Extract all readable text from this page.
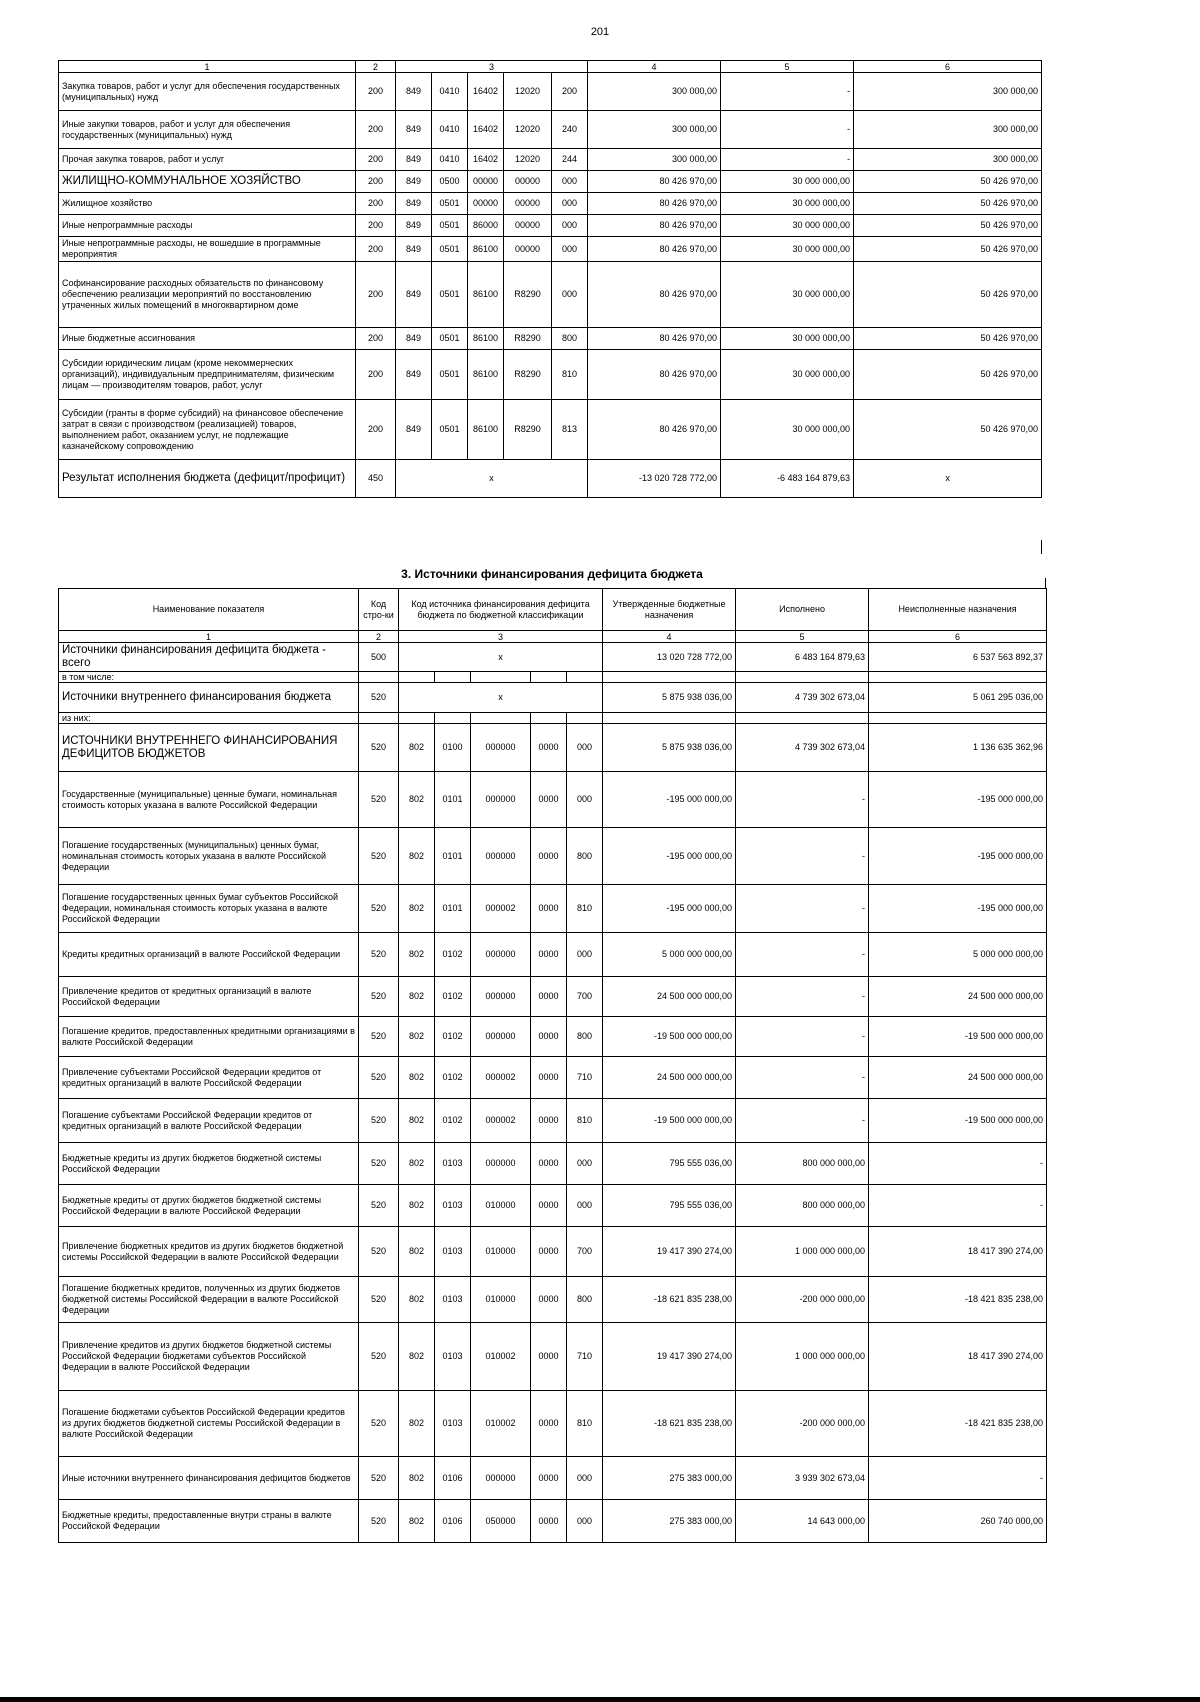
201
1	2	3					4	5	6
Закупка товаров, работ и услуг для обеспечения государственных (муниципальных) нужд	200	849	0410	16402	12020	200	300 000,00	-	300 000,00
Иные закупки товаров, работ и услуг для обеспечения государственных (муниципальных) нужд	200	849	0410	16402	12020	240	300 000,00	-	300 000,00
Прочая закупка товаров, работ и услуг	200	849	0410	16402	12020	244	300 000,00	-	300 000,00
ЖИЛИЩНО-КОММУНАЛЬНОЕ ХОЗЯЙСТВО	200	849	0500	00000	00000	000	80 426 970,00	30 000 000,00	50 426 970,00
Жилищное хозяйство	200	849	0501	00000	00000	000	80 426 970,00	30 000 000,00	50 426 970,00
Иные непрограммные расходы	200	849	0501	86000	00000	000	80 426 970,00	30 000 000,00	50 426 970,00
Иные непрограммные расходы, не вошедшие в программные мероприятия	200	849	0501	86100	00000	000	80 426 970,00	30 000 000,00	50 426 970,00
Софинансирование расходных обязательств по финансовому обеспечению реализации мероприятий по восстановлению утраченных жилых помещений в многоквартирном доме	200	849	0501	86100	R8290	000	80 426 970,00	30 000 000,00	50 426 970,00
Иные бюджетные ассигнования	200	849	0501	86100	R8290	800	80 426 970,00	30 000 000,00	50 426 970,00
Субсидии юридическим лицам (кроме некоммерческих организаций), индивидуальным предпринимателям, физическим лицам — производителям товаров, работ, услуг	200	849	0501	86100	R8290	810	80 426 970,00	30 000 000,00	50 426 970,00
Субсидии (гранты в форме субсидий) на финансовое обеспечение затрат в связи с производством (реализацией) товаров, выполнением работ, оказанием услуг, не подлежащие казначейскому сопровождению	200	849	0501	86100	R8290	813	80 426 970,00	30 000 000,00	50 426 970,00
Результат исполнения бюджета (дефицит/профицит)	450	x					-13 020 728 772,00	-6 483 164 879,63	x
3. Источники финансирования дефицита бюджета
Наименование показателя	Код стро-ки	Код источника финансирования дефицита бюджета по бюджетной классификации					Утвержденные бюджетные назначения	Исполнено	Неисполненные назначения
1	2	3					4	5	6
Источники финансирования дефицита бюджета - всего	500	x					13 020 728 772,00	6 483 164 879,63	6 537 563 892,37
в том числе:									
Источники внутреннего финансирования бюджета	520	x					5 875 938 036,00	4 739 302 673,04	5 061 295 036,00
из них:									
ИСТОЧНИКИ ВНУТРЕННЕГО ФИНАНСИРОВАНИЯ ДЕФИЦИТОВ БЮДЖЕТОВ	520	802	0100	000000	0000	000	5 875 938 036,00	4 739 302 673,04	1 136 635 362,96
Государственные (муниципальные) ценные бумаги, номинальная стоимость которых указана в валюте Российской Федерации	520	802	0101	000000	0000	000	-195 000 000,00	-	-195 000 000,00
Погашение государственных (муниципальных) ценных бумаг, номинальная стоимость которых указана в валюте Российской Федерации	520	802	0101	000000	0000	800	-195 000 000,00	-	-195 000 000,00
Погашение государственных ценных бумаг субъектов Российской Федерации, номинальная стоимость которых указана в валюте Российской Федерации	520	802	0101	000002	0000	810	-195 000 000,00	-	-195 000 000,00
Кредиты кредитных организаций в валюте Российской Федерации	520	802	0102	000000	0000	000	5 000 000 000,00	-	5 000 000 000,00
Привлечение кредитов от кредитных организаций в валюте Российской Федерации	520	802	0102	000000	0000	700	24 500 000 000,00	-	24 500 000 000,00
Погашение кредитов, предоставленных кредитными организациями в валюте Российской Федерации	520	802	0102	000000	0000	800	-19 500 000 000,00	-	-19 500 000 000,00
Привлечение субъектами Российской Федерации кредитов от кредитных организаций в валюте Российской Федерации	520	802	0102	000002	0000	710	24 500 000 000,00	-	24 500 000 000,00
Погашение субъектами Российской Федерации кредитов от кредитных организаций в валюте Российской Федерации	520	802	0102	000002	0000	810	-19 500 000 000,00	-	-19 500 000 000,00
Бюджетные кредиты из других бюджетов бюджетной системы Российской Федерации	520	802	0103	000000	0000	000	795 555 036,00	800 000 000,00	-
Бюджетные кредиты от других бюджетов бюджетной системы Российской Федерации в валюте Российской Федерации	520	802	0103	010000	0000	000	795 555 036,00	800 000 000,00	-
Привлечение бюджетных кредитов из других бюджетов бюджетной системы Российской Федерации в валюте Российской Федерации	520	802	0103	010000	0000	700	19 417 390 274,00	1 000 000 000,00	18 417 390 274,00
Погашение бюджетных кредитов, полученных из других бюджетов бюджетной системы Российской Федерации в валюте Российской Федерации	520	802	0103	010000	0000	800	-18 621 835 238,00	-200 000 000,00	-18 421 835 238,00
Привлечение кредитов из других бюджетов бюджетной системы Российской Федерации бюджетами субъектов Российской Федерации в валюте Российской Федерации	520	802	0103	010002	0000	710	19 417 390 274,00	1 000 000 000,00	18 417 390 274,00
Погашение бюджетами субъектов Российской Федерации кредитов из других бюджетов бюджетной системы Российской Федерации в валюте Российской Федерации	520	802	0103	010002	0000	810	-18 621 835 238,00	-200 000 000,00	-18 421 835 238,00
Иные источники внутреннего финансирования дефицитов бюджетов	520	802	0106	000000	0000	000	275 383 000,00	3 939 302 673,04	-
Бюджетные кредиты, предоставленные внутри страны в валюте Российской Федерации	520	802	0106	050000	0000	000	275 383 000,00	14 643 000,00	260 740 000,00
